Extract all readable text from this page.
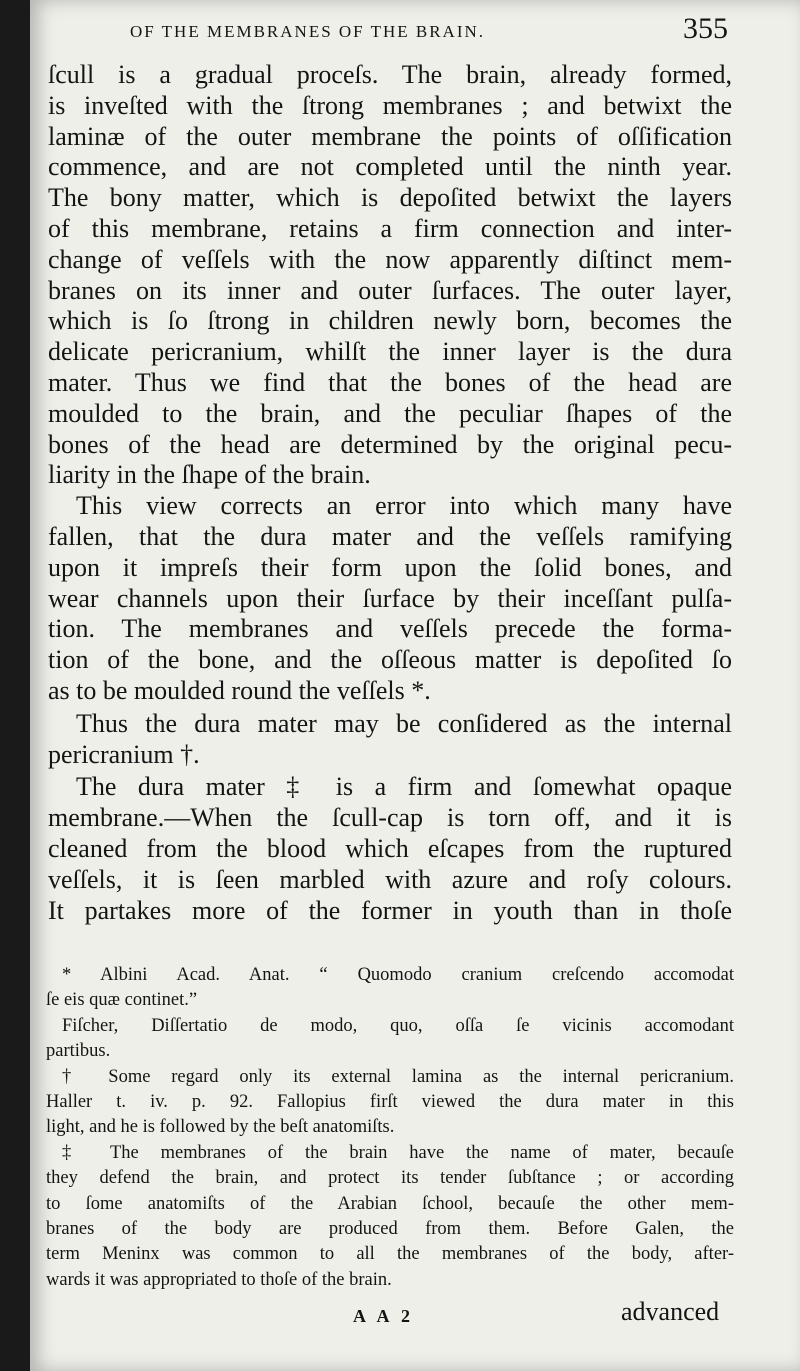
OF THE MEMBRANES OF THE BRAIN.	355
ſcull is a gradual proceſs. The brain, already formed,
is inveſted with the ſtrong membranes ; and betwixt the
laminæ of the outer membrane the points of oſſification
commence, and are not completed until the ninth year.
The bony matter, which is depoſited betwixt the layers
of this membrane, retains a firm connection and inter-
change of veſſels with the now apparently diſtinct mem-
branes on its inner and outer ſurfaces. The outer layer,
which is ſo ſtrong in children newly born, becomes the
delicate pericranium, whilſt the inner layer is the dura
mater. Thus we find that the bones of the head are
moulded to the brain, and the peculiar ſhapes of the
bones of the head are determined by the original pecu-
liarity in the ſhape of the brain.
This view corrects an error into which many have
fallen, that the dura mater and the veſſels ramifying
upon it impreſs their form upon the ſolid bones, and
wear channels upon their ſurface by their inceſſant pulſa-
tion. The membranes and veſſels precede the forma-
tion of the bone, and the oſſeous matter is depoſited ſo
as to be moulded round the veſſels *.
Thus the dura mater may be conſidered as the internal
pericranium †.
The dura mater ‡ is a firm and ſomewhat opaque
membrane.—When the ſcull-cap is torn off, and it is
cleaned from the blood which eſcapes from the ruptured
veſſels, it is ſeen marbled with azure and roſy colours.
It partakes more of the former in youth than in thoſe
* Albini Acad. Anat. “ Quomodo cranium creſcendo accomodat
ſe eis quæ continet.”
Fiſcher, Diſſertatio de modo, quo, oſſa ſe vicinis accomodant
partibus.
† Some regard only its external lamina as the internal pericranium.
Haller t. iv. p. 92. Fallopius firſt viewed the dura mater in this
light, and he is followed by the beſt anatomiſts.
‡ The membranes of the brain have the name of mater, becauſe
they defend the brain, and protect its tender ſubſtance ; or according
to ſome anatomiſts of the Arabian ſchool, becauſe the other mem-
branes of the body are produced from them. Before Galen, the
term Meninx was common to all the membranes of the body, after-
wards it was appropriated to thoſe of the brain.
A A 2	advanced
